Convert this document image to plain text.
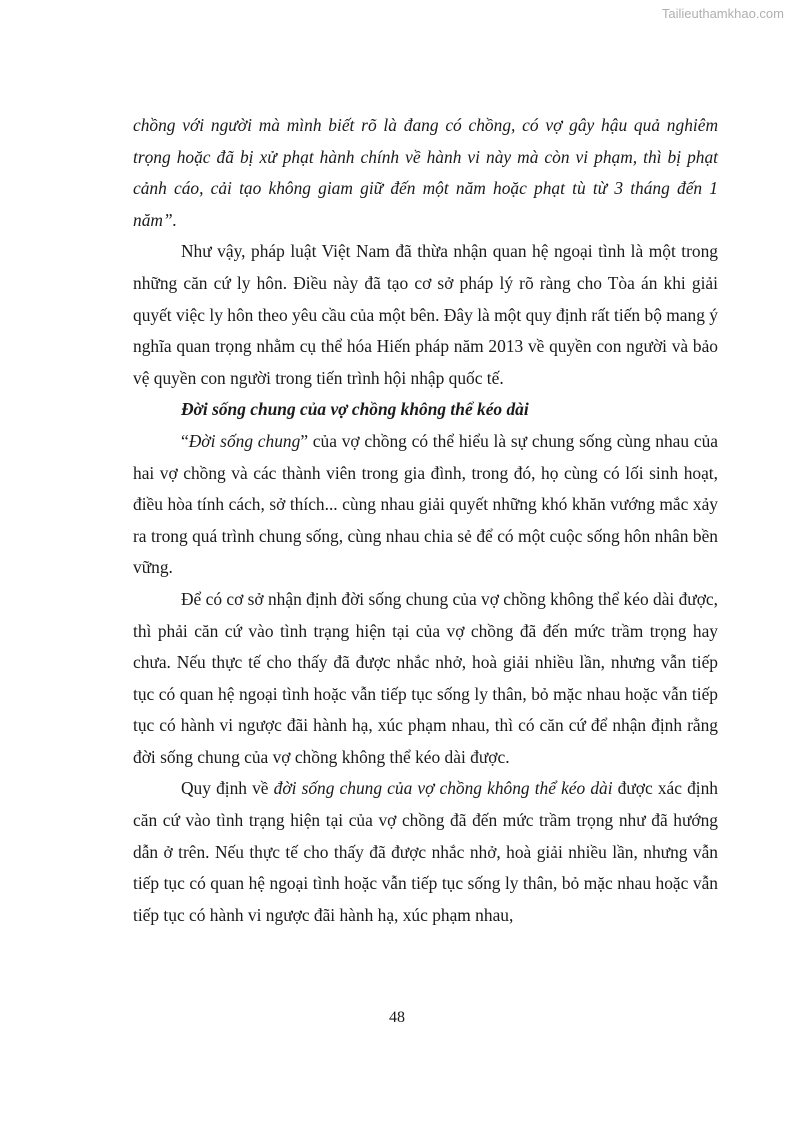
Tailieuthamkhao.com

chồng với người mà mình biết rõ là đang có chồng, có vợ gây hậu quả nghiêm trọng hoặc đã bị xử phạt hành chính về hành vi này mà còn vi phạm, thì bị phạt cảnh cáo, cải tạo không giam giữ đến một năm hoặc phạt tù từ 3 tháng đến 1 năm”.

Như vậy, pháp luật Việt Nam đã thừa nhận quan hệ ngoại tình là một trong những căn cứ ly hôn. Điều này đã tạo cơ sở pháp lý rõ ràng cho Tòa án khi giải quyết việc ly hôn theo yêu cầu của một bên. Đây là một quy định rất tiến bộ mang ý nghĩa quan trọng nhằm cụ thể hóa Hiến pháp năm 2013 về quyền con người và bảo vệ quyền con người trong tiến trình hội nhập quốc tế.

Đời sống chung của vợ chồng không thể kéo dài

“Đời sống chung” của vợ chồng có thể hiểu là sự chung sống cùng nhau của hai vợ chồng và các thành viên trong gia đình, trong đó, họ cùng có lối sinh hoạt, điều hòa tính cách, sở thích... cùng nhau giải quyết những khó khăn vướng mắc xảy ra trong quá trình chung sống, cùng nhau chia sẻ để có một cuộc sống hôn nhân bền vững.

Để có cơ sở nhận định đời sống chung của vợ chồng không thể kéo dài được, thì phải căn cứ vào tình trạng hiện tại của vợ chồng đã đến mức trầm trọng hay chưa. Nếu thực tế cho thấy đã được nhắc nhở, hoà giải nhiều lần, nhưng vẫn tiếp tục có quan hệ ngoại tình hoặc vẫn tiếp tục sống ly thân, bỏ mặc nhau hoặc vẫn tiếp tục có hành vi ngược đãi hành hạ, xúc phạm nhau, thì có căn cứ để nhận định rằng đời sống chung của vợ chồng không thể kéo dài được.

Quy định về đời sống chung của vợ chồng không thể kéo dài được xác định căn cứ vào tình trạng hiện tại của vợ chồng đã đến mức trầm trọng như đã hướng dẫn ở trên. Nếu thực tế cho thấy đã được nhắc nhở, hoà giải nhiều lần, nhưng vẫn tiếp tục có quan hệ ngoại tình hoặc vẫn tiếp tục sống ly thân, bỏ mặc nhau hoặc vẫn tiếp tục có hành vi ngược đãi hành hạ, xúc phạm nhau,

48
